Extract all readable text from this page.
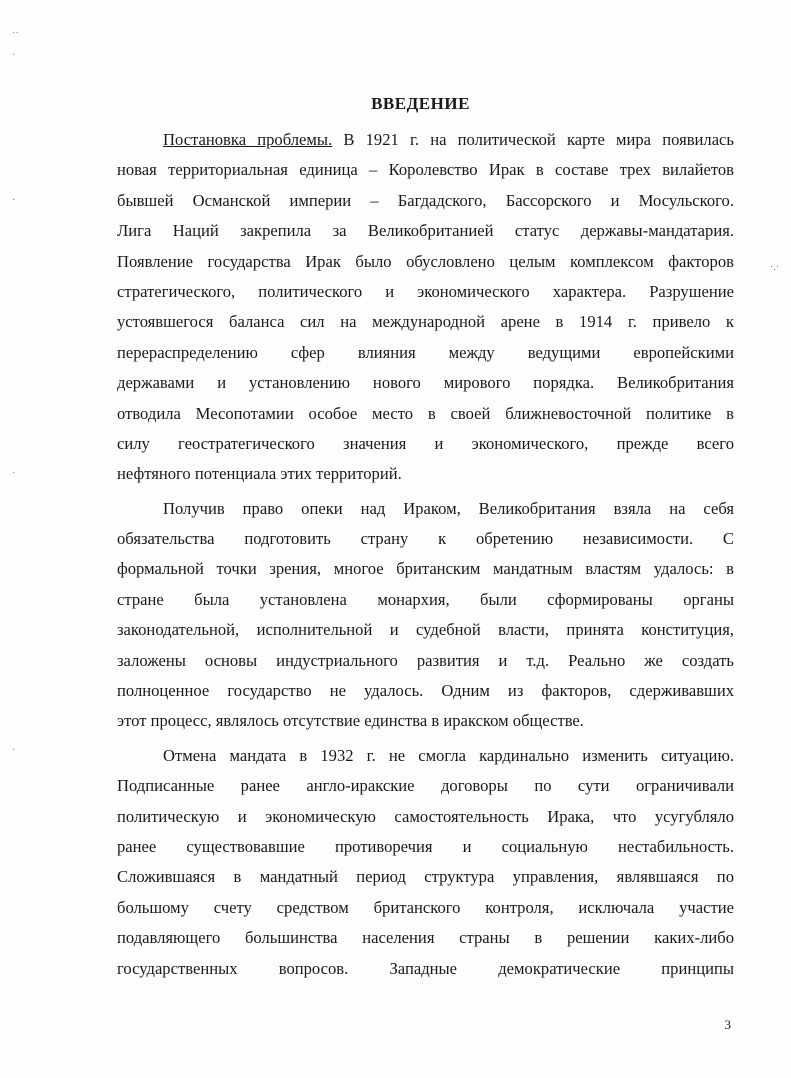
··
·
·
·
·
·.·
ВВЕДЕНИЕ
Постановка проблемы. В 1921 г. на политической карте мира появилась
новая территориальная единица – Королевство Ирак в составе трех вилайетов
бывшей Османской империи – Багдадского, Бассорского и Мосульского.
Лига Наций закрепила за Великобританией статус державы-мандатария.
Появление государства Ирак было обусловлено целым комплексом факторов
стратегического, политического и экономического характера. Разрушение
устоявшегося баланса сил на международной арене в 1914 г. привело к
перераспределению сфер влияния между ведущими европейскими
державами и установлению нового мирового порядка. Великобритания
отводила Месопотамии особое место в своей ближневосточной политике в
силу геостратегического значения и экономического, прежде всего
нефтяного потенциала этих территорий.
Получив право опеки над Ираком, Великобритания взяла на себя
обязательства подготовить страну к обретению независимости. С
формальной точки зрения, многое британским мандатным властям удалось: в
стране была установлена монархия, были сформированы органы
законодательной, исполнительной и судебной власти, принята конституция,
заложены основы индустриального развития и т.д. Реально же создать
полноценное государство не удалось. Одним из факторов, сдерживавших
этот процесс, являлось отсутствие единства в иракском обществе.
Отмена мандата в 1932 г. не смогла кардинально изменить ситуацию.
Подписанные ранее англо-иракские договоры по сути ограничивали
политическую и экономическую самостоятельность Ирака, что усугубляло
ранее существовавшие противоречия и социальную нестабильность.
Сложившаяся в мандатный период структура управления, являвшаяся по
большому счету средством британского контроля, исключала участие
подавляющего большинства населения страны в решении каких-либо
государственных вопросов. Западные демократические принципы
3
